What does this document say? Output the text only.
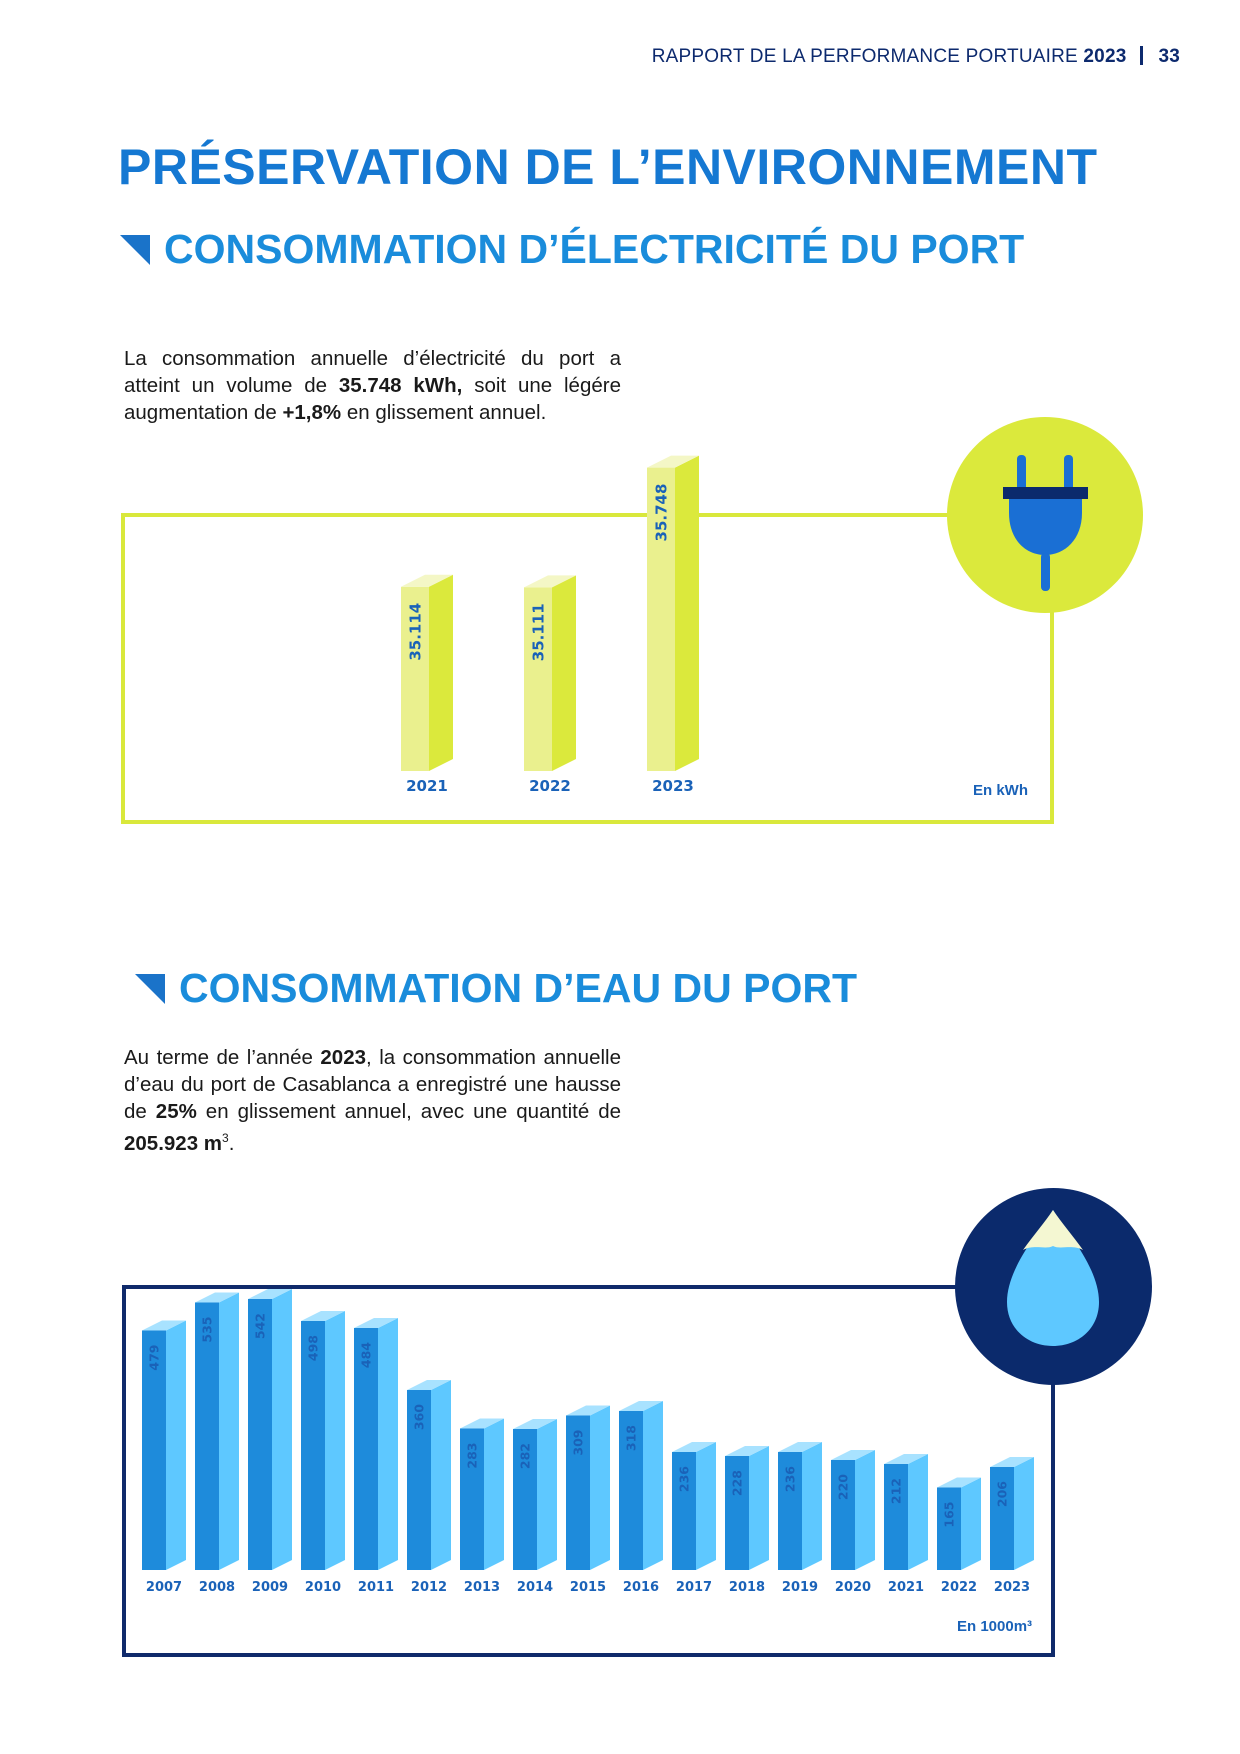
RAPPORT DE LA PERFORMANCE PORTUAIRE 2023 33
PRÉSERVATION DE L’ENVIRONNEMENT
CONSOMMATION D’ÉLECTRICITÉ DU PORT

La consommation annuelle d’électricité du port a atteint un volume de 35.748 kWh, soit une légére augmentation de +1,8% en glissement annuel.

35.114
2021
35.111
2022
35.748
2023	En kWh
CONSOMMATION D’EAU DU PORT

Au terme de l’année 2023, la consommation annuelle d’eau du port de Casablanca a enregistré une hausse de 25% en glissement annuel, avec une quantité de 205.923 $m^3$.

479
2007
535
2008
542
2009
498
2010
484
2011
360
2012
283
2013
282
2014
309
2015
318
2016
236
2017
228
2018
236
2019
220
2020
212
2021
165
2022
206
2023
En 1000m³
